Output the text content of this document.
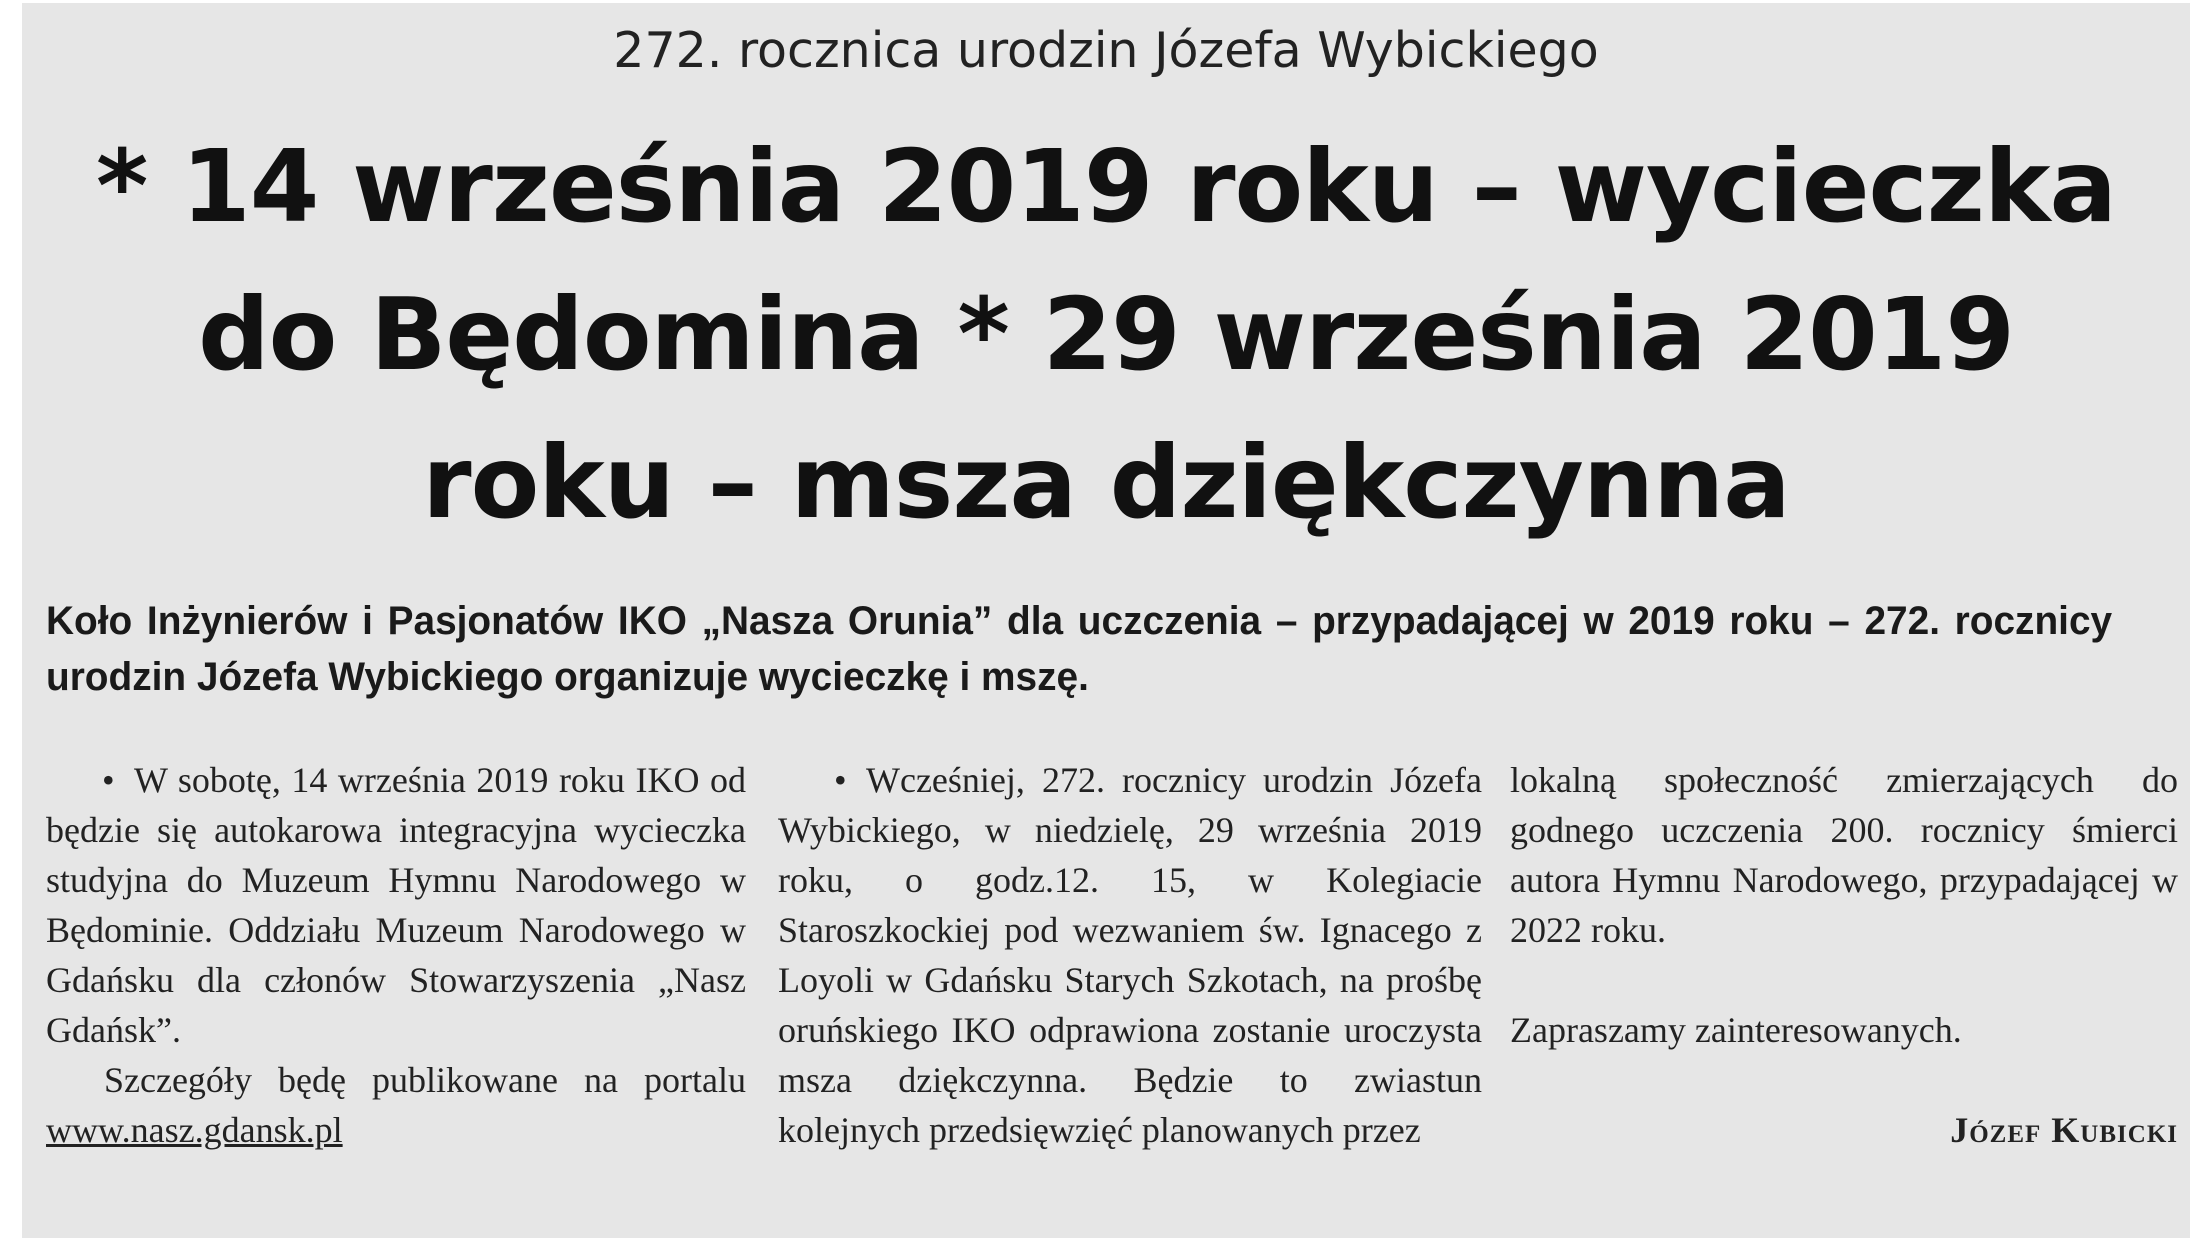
272. rocznica urodzin Józefa Wybickiego
* 14 września 2019 roku – wycieczka do Będomina * 29 września 2019 roku – msza dziękczynna

Koło Inżynierów i Pasjonatów IKO „Nasza Orunia” dla uczczenia – przypadającej w 2019 roku – 272. rocznicy urodzin Józefa Wybickiego organizuje wycieczkę i mszę.

• W sobotę, 14 września 2019 roku IKO od będzie się autokarowa integracyjna wycieczka studyjna do Muzeum Hymnu Narodowego w Będominie. Oddziału Muzeum Narodowego w Gdańsku dla członów Stowarzyszenia „Nasz Gdańsk”.

Szczegóły będę publikowane na portalu www.nasz.gdansk.pl

• Wcześniej, 272. rocznicy urodzin Józefa Wybickiego, w niedzielę, 29 września 2019 roku, o godz.12. 15, w Kolegiacie Staroszkockiej pod wezwaniem św. Ignacego z Loyoli w Gdańsku Starych Szkotach, na prośbę oruńskiego IKO odprawiona zostanie uroczysta msza dziękczynna. Będzie to zwiastun kolejnych przedsięwzięć planowanych przez

lokalną społeczność zmierzających do godnego uczczenia 200. rocznicy śmierci autora Hymnu Narodowego, przypadającej w 2022 roku.

Zapraszamy zainteresowanych.

Józef Kubicki
